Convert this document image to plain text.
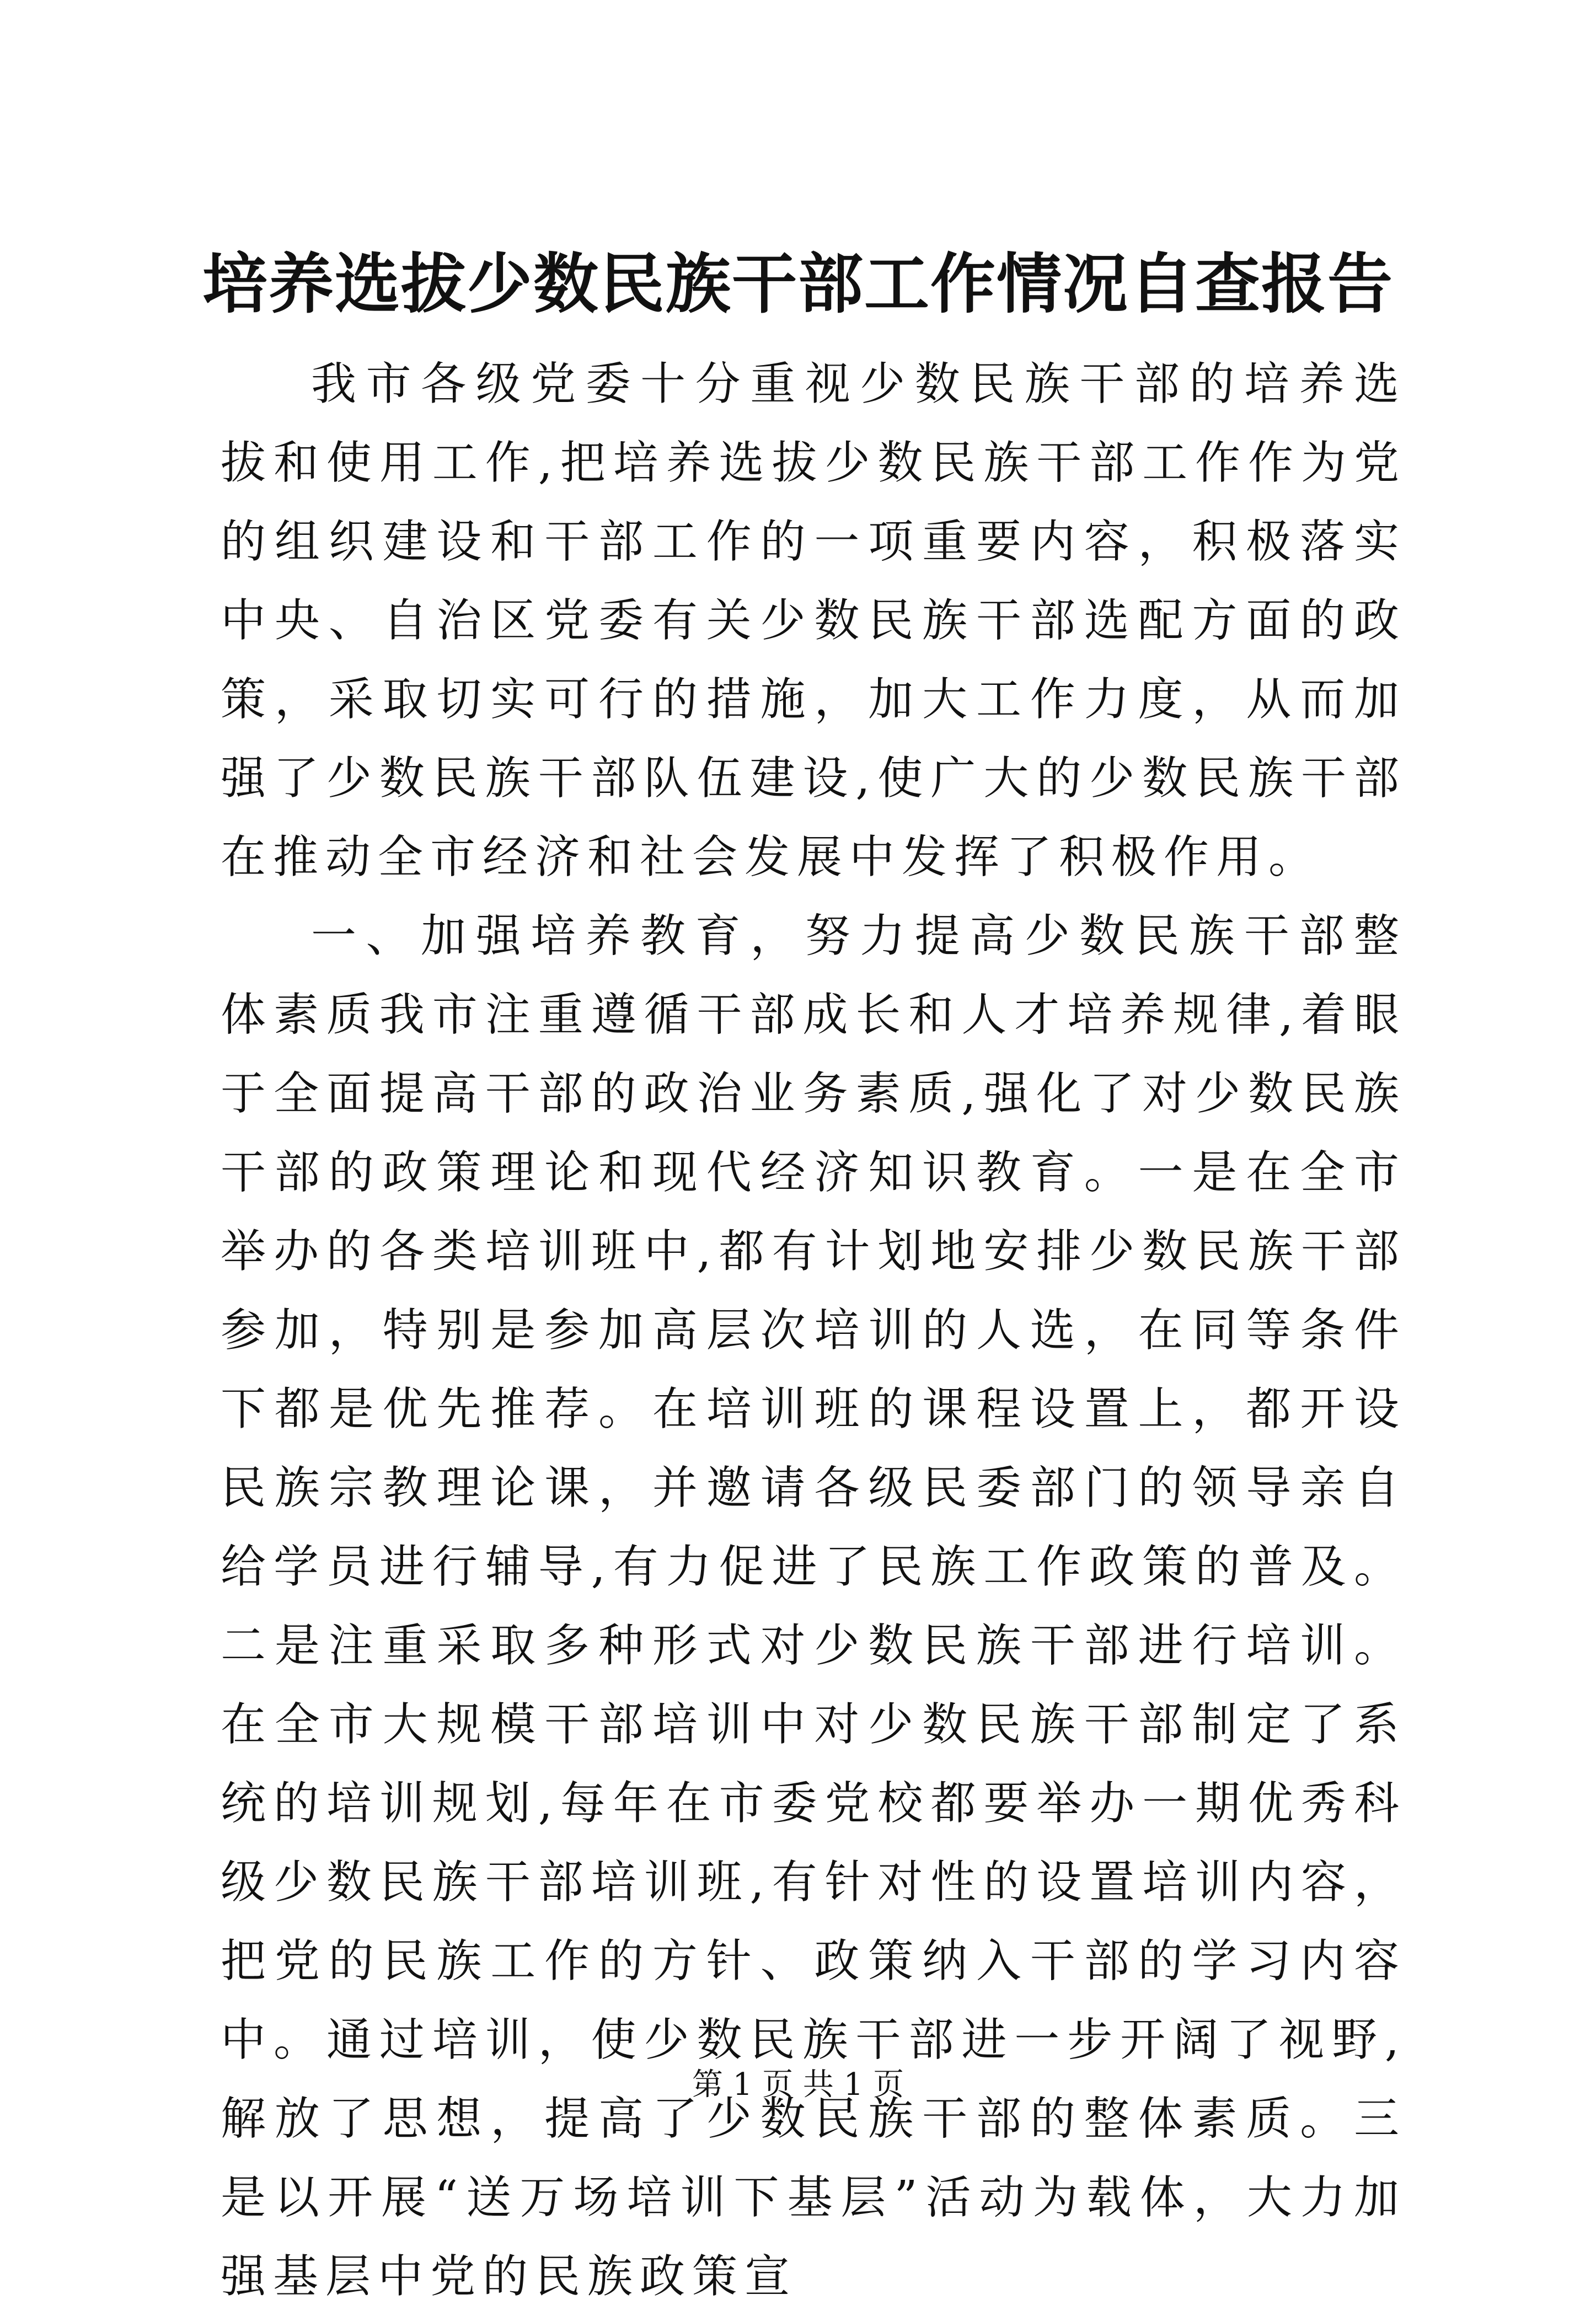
培养选拔少数民族干部工作情况自查报告

我市各级党委十分重视少数民族干部的培养选拔和使用工作,把培养选拔少数民族干部工作作为党的组织建设和干部工作的一项重要内容，积极落实中央、自治区党委有关少数民族干部选配方面的政策，采取切实可行的措施，加大工作力度，从而加强了少数民族干部队伍建设,使广大的少数民族干部在推动全市经济和社会发展中发挥了积极作用。

一、加强培养教育，努力提高少数民族干部整体素质我市注重遵循干部成长和人才培养规律,着眼于全面提高干部的政治业务素质,强化了对少数民族干部的政策理论和现代经济知识教育。一是在全市举办的各类培训班中,都有计划地安排少数民族干部参加，特别是参加高层次培训的人选，在同等条件下都是优先推荐。在培训班的课程设置上，都开设民族宗教理论课，并邀请各级民委部门的领导亲自给学员进行辅导,有力促进了民族工作政策的普及。二是注重采取多种形式对少数民族干部进行培训。在全市大规模干部培训中对少数民族干部制定了系统的培训规划,每年在市委党校都要举办一期优秀科级少数民族干部培训班,有针对性的设置培训内容，把党的民族工作的方针、政策纳入干部的学习内容中。通过培训，使少数民族干部进一步开阔了视野,解放了思想，提高了少数民族干部的整体素质。三是以开展“送万场培训下基层”活动为载体，大力加强基层中党的民族政策宣

第 1 页 共 1 页
